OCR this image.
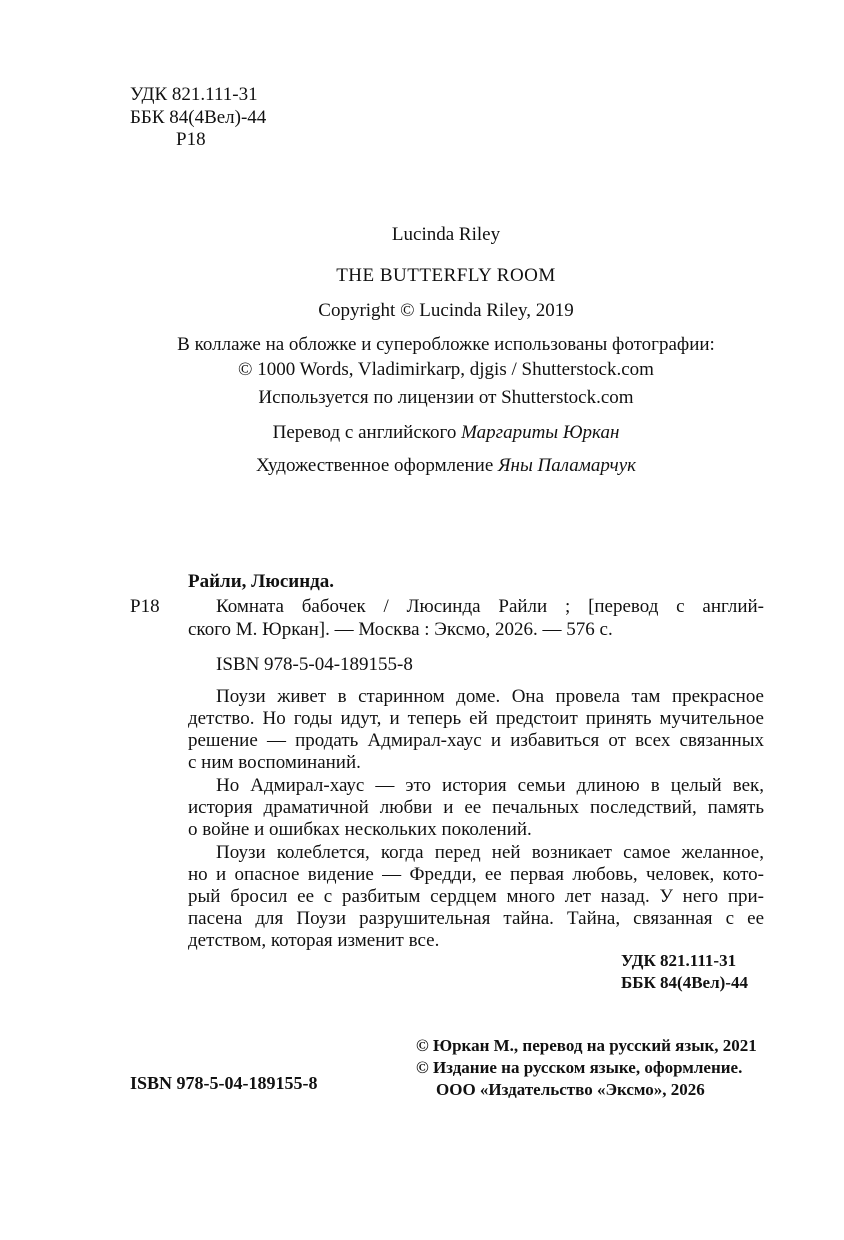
УДК 821.111-31
ББК 84(4Вел)-44
Р18
Lucinda Riley
THE BUTTERFLY ROOM
Copyright © Lucinda Riley, 2019
В коллаже на обложке и суперобложке использованы фотографии:
© 1000 Words, Vladimirkarp, djgis / Shutterstock.com
Используется по лицензии от Shutterstock.com
Перевод с английского Маргариты Юркан
Художественное оформление Яны Паламарчук
Райли, Люсинда.
Р18	Комната бабочек / Люсинда Райли ; [перевод с англий-
ского М. Юркан]. — Москва : Эксмо, 2026. — 576 с.
ISBN 978-5-04-189155-8
Поузи живет в старинном доме. Она провела там прекрасное
детство. Но годы идут, и теперь ей предстоит принять мучительное
решение — продать Адмирал-хаус и избавиться от всех связанных
с ним воспоминаний.
Но Адмирал-хаус — это история семьи длиною в целый век,
история драматичной любви и ее печальных последствий, память
о войне и ошибках нескольких поколений.
Поузи колеблется, когда перед ней возникает самое желанное,
но и опасное видение — Фредди, ее первая любовь, человек, кото-
рый бросил ее с разбитым сердцем много лет назад. У него при-
пасена для Поузи разрушительная тайна. Тайна, связанная с ее
детством, которая изменит все.
УДК 821.111-31
ББК 84(4Вел)-44
© Юркан М., перевод на русский язык, 2021
© Издание на русском языке, оформление.
ООО «Издательство «Эксмо», 2026
ISBN 978-5-04-189155-8
